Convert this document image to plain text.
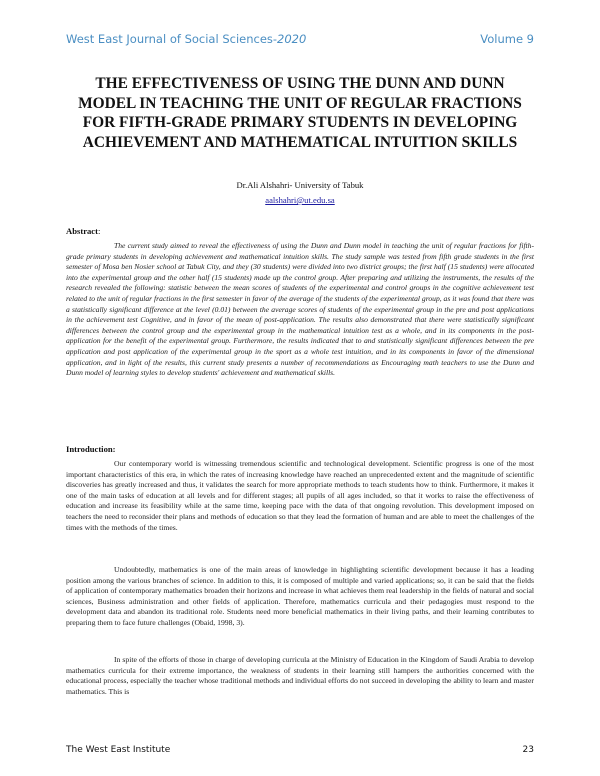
West East Journal of Social Sciences-2020	Volume 9
THE EFFECTIVENESS OF USING THE DUNN AND DUNN MODEL IN TEACHING THE UNIT OF REGULAR FRACTIONS FOR FIFTH-GRADE PRIMARY STUDENTS IN DEVELOPING ACHIEVEMENT AND MATHEMATICAL INTUITION SKILLS
Dr.Ali Alshahri- University of Tabuk
aalshahri@ut.edu.sa
Abstract:

The current study aimed to reveal the effectiveness of using the Dunn and Dunn model in teaching the unit of regular fractions for fifth-grade primary students in developing achievement and mathematical intuition skills. The study sample was tested from fifth grade students in the first semester of Mosa ben Nosier school at Tabuk City, and they (30 students) were divided into two district groups; the first half (15 students) were allocated into the experimental group and the other half (15 students) made up the control group. After preparing and utilizing the instruments, the results of the research revealed the following: statistic between the mean scores of students of the experimental and control groups in the cognitive achievement test related to the unit of regular fractions in the first semester in favor of the average of the students of the experimental group, as it was found that there was a statistically significant difference at the level (0.01) between the average scores of students of the experimental group in the pre and post applications in the achievement test Cognitive, and in favor of the mean of post-application. The results also demonstrated that there were statistically significant differences between the control group and the experimental group in the mathematical intuition test as a whole, and in its components in the post-application for the benefit of the experimental group. Furthermore, the results indicated that to and statistically significant differences between the pre application and post application of the experimental group in the sport as a whole test intuition, and in its components in favor of the dimensional application, and in light of the results, this current study presents a number of recommendations as Encouraging math teachers to use the Dunn and Dunn model of learning styles to develop students' achievement and mathematical skills.

Introduction:

Our contemporary world is witnessing tremendous scientific and technological development. Scientific progress is one of the most important characteristics of this era, in which the rates of increasing knowledge have reached an unprecedented extent and the magnitude of scientific discoveries has greatly increased and thus, it validates the search for more appropriate methods to teach students how to think. Furthermore, it makes it one of the main tasks of education at all levels and for different stages; all pupils of all ages included, so that it works to raise the effectiveness of education and increase its feasibility while at the same time, keeping pace with the data of that ongoing revolution. This development imposed on teachers the need to reconsider their plans and methods of education so that they lead the formation of human and are able to meet the challenges of the times with the methods of the times.

Undoubtedly, mathematics is one of the main areas of knowledge in highlighting scientific development because it has a leading position among the various branches of science. In addition to this, it is composed of multiple and varied applications; so, it can be said that the fields of application of contemporary mathematics broaden their horizons and increase in what achieves them real leadership in the fields of natural and social sciences, Business administration and other fields of application. Therefore, mathematics curricula and their pedagogies must respond to the development data and abandon its traditional role. Students need more beneficial mathematics in their living paths, and their learning contributes to preparing them to face future challenges (Obaid, 1998, 3).

In spite of the efforts of those in charge of developing curricula at the Ministry of Education in the Kingdom of Saudi Arabia to develop mathematics curricula for their extreme importance, the weakness of students in their learning still hampers the authorities concerned with the educational process, especially the teacher whose traditional methods and individual efforts do not succeed in developing the ability to learn and master mathematics. This is

The West East Institute	23
